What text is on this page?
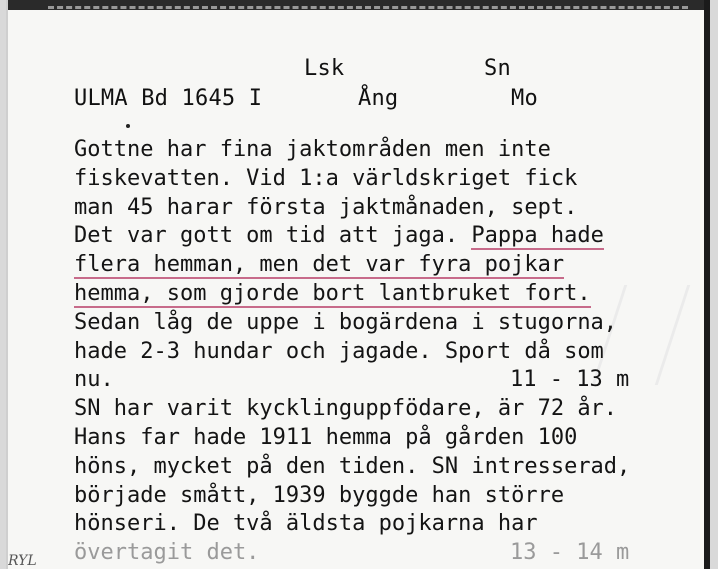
Lsk	Sn
ULMA Bd 1645 I	Ång	Mo
Gottne har fina jaktområden men inte
fiskevatten. Vid 1:a världskriget fick
man 45 harar första jaktmånaden, sept.
Det var gott om tid att jaga. Pappa hade
flera hemman, men det var fyra pojkar
hemma, som gjorde bort lantbruket fort.
Sedan låg de uppe i bogärdena i stugorna,
hade 2-3 hundar och jagade. Sport då som
nu.	11 - 13 m
SN har varit kycklinguppfödare, är 72 år.
Hans far hade 1911 hemma på gården 100
höns, mycket på den tiden. SN intresserad,
började smått, 1939 byggde han större
hönseri. De två äldsta pojkarna har
övertagit det.	13 - 14 m
RYL
